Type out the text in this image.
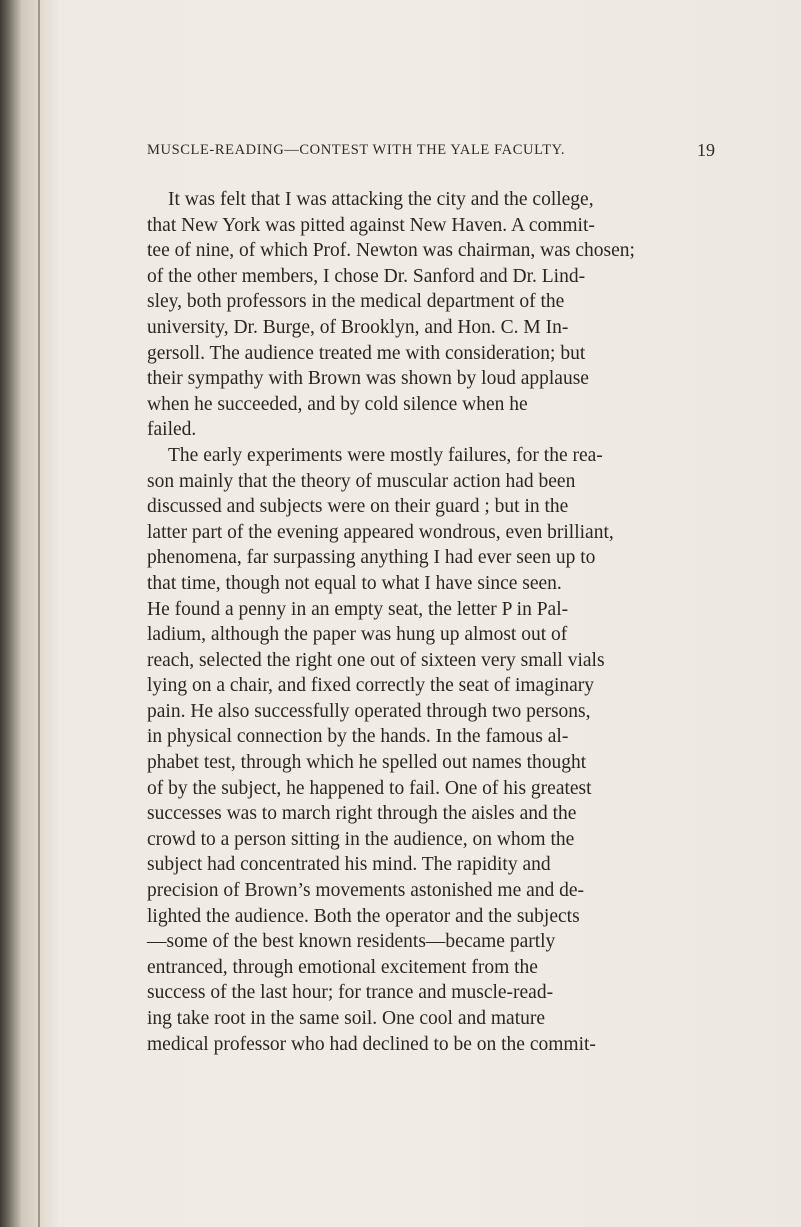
MUSCLE-READING—CONTEST WITH THE YALE FACULTY.	19
It was felt that I was attacking the city and the college,
that New York was pitted against New Haven. A commit-
tee of nine, of which Prof. Newton was chairman, was chosen;
of the other members, I chose Dr. Sanford and Dr. Lind-
sley, both professors in the medical department of the
university, Dr. Burge, of Brooklyn, and Hon. C. M In-
gersoll. The audience treated me with consideration; but
their sympathy with Brown was shown by loud applause
when he succeeded, and by cold silence when he
failed.
The early experiments were mostly failures, for the rea-
son mainly that the theory of muscular action had been
discussed and subjects were on their guard ; but in the
latter part of the evening appeared wondrous, even brilliant,
phenomena, far surpassing anything I had ever seen up to
that time, though not equal to what I have since seen.
He found a penny in an empty seat, the letter P in Pal-
ladium, although the paper was hung up almost out of
reach, selected the right one out of sixteen very small vials
lying on a chair, and fixed correctly the seat of imaginary
pain. He also successfully operated through two persons,
in physical connection by the hands. In the famous al-
phabet test, through which he spelled out names thought
of by the subject, he happened to fail. One of his greatest
successes was to march right through the aisles and the
crowd to a person sitting in the audience, on whom the
subject had concentrated his mind. The rapidity and
precision of Brown’s movements astonished me and de-
lighted the audience. Both the operator and the subjects
—some of the best known residents—became partly
entranced, through emotional excitement from the
success of the last hour; for trance and muscle-read-
ing take root in the same soil. One cool and mature
medical professor who had declined to be on the commit-
